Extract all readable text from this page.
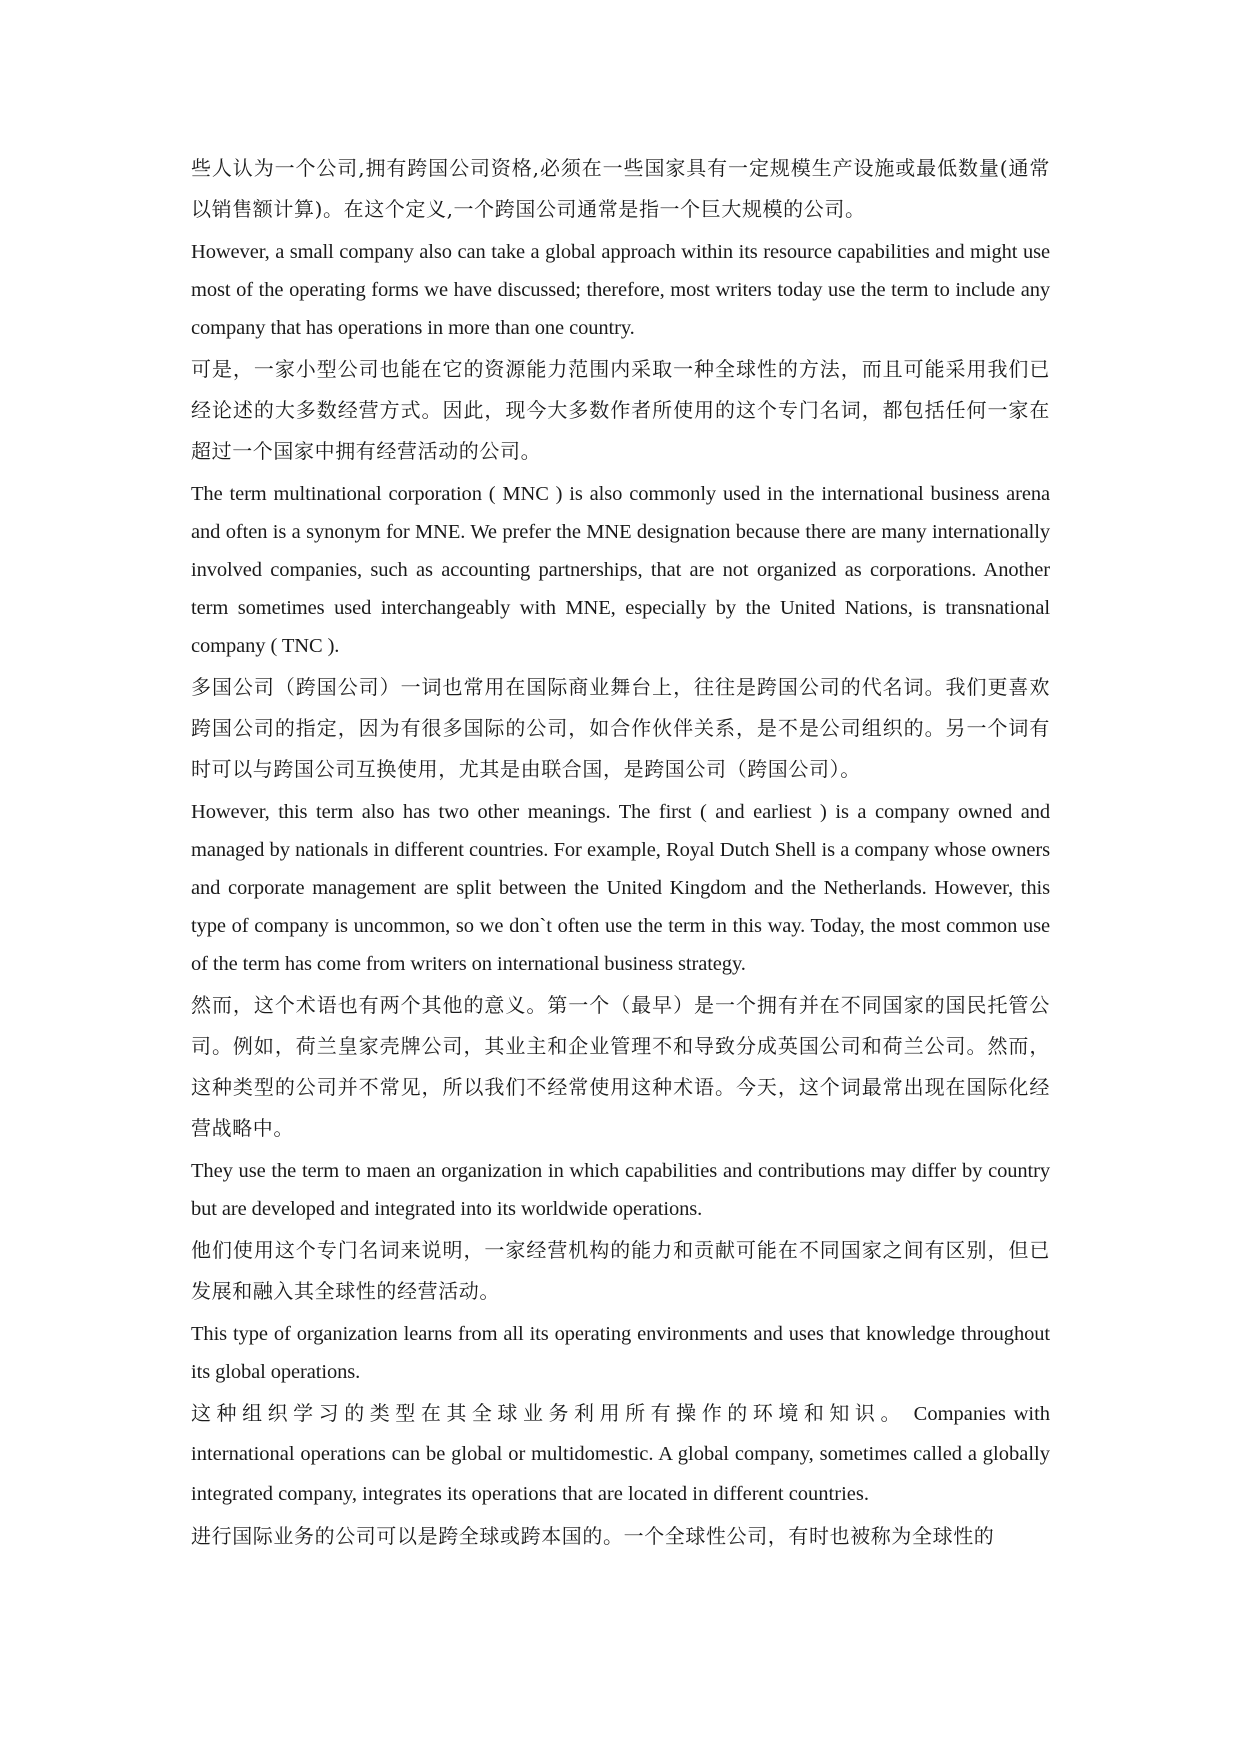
些人认为一个公司,拥有跨国公司资格,必须在一些国家具有一定规模生产设施或最低数量(通常以销售额计算)。在这个定义,一个跨国公司通常是指一个巨大规模的公司。

However, a small company also can take a global approach within its resource capabilities and might use most of the operating forms we have discussed; therefore, most writers today use the term to include any company that has operations in more than one country.

可是，一家小型公司也能在它的资源能力范围内采取一种全球性的方法，而且可能采用我们已经论述的大多数经营方式。因此，现今大多数作者所使用的这个专门名词，都包括任何一家在超过一个国家中拥有经营活动的公司。

The term multinational corporation ( MNC ) is also commonly used in the international business arena and often is a synonym for MNE. We prefer the MNE designation because there are many internationally involved companies, such as accounting partnerships, that are not organized as corporations. Another term sometimes used interchangeably with MNE, especially by the United Nations, is transnational company ( TNC ).

多国公司（跨国公司）一词也常用在国际商业舞台上，往往是跨国公司的代名词。我们更喜欢跨国公司的指定，因为有很多国际的公司，如合作伙伴关系，是不是公司组织的。另一个词有时可以与跨国公司互换使用，尤其是由联合国，是跨国公司（跨国公司）。

However, this term also has two other meanings. The first ( and earliest ) is a company owned and managed by nationals in different countries. For example, Royal Dutch Shell is a company whose owners and corporate management are split between the United Kingdom and the Netherlands. However, this type of company is uncommon, so we don`t often use the term in this way. Today, the most common use of the term has come from writers on international business strategy.

然而，这个术语也有两个其他的意义。第一个（最早）是一个拥有并在不同国家的国民托管公司。例如，荷兰皇家壳牌公司，其业主和企业管理不和导致分成英国公司和荷兰公司。然而，这种类型的公司并不常见，所以我们不经常使用这种术语。今天，这个词最常出现在国际化经营战略中。

They use the term to maen an organization in which capabilities and contributions may differ by country but are developed and integrated into its worldwide operations.

他们使用这个专门名词来说明，一家经营机构的能力和贡献可能在不同国家之间有区别，但已发展和融入其全球性的经营活动。

This type of organization learns from all its operating environments and uses that knowledge throughout its global operations.

这种组织学习的类型在其全球业务利用所有操作的环境和知识。 Companies with international operations can be global or multidomestic. A global company, sometimes called a globally integrated company, integrates its operations that are located in different countries.

进行国际业务的公司可以是跨全球或跨本国的。一个全球性公司，有时也被称为全球性的
